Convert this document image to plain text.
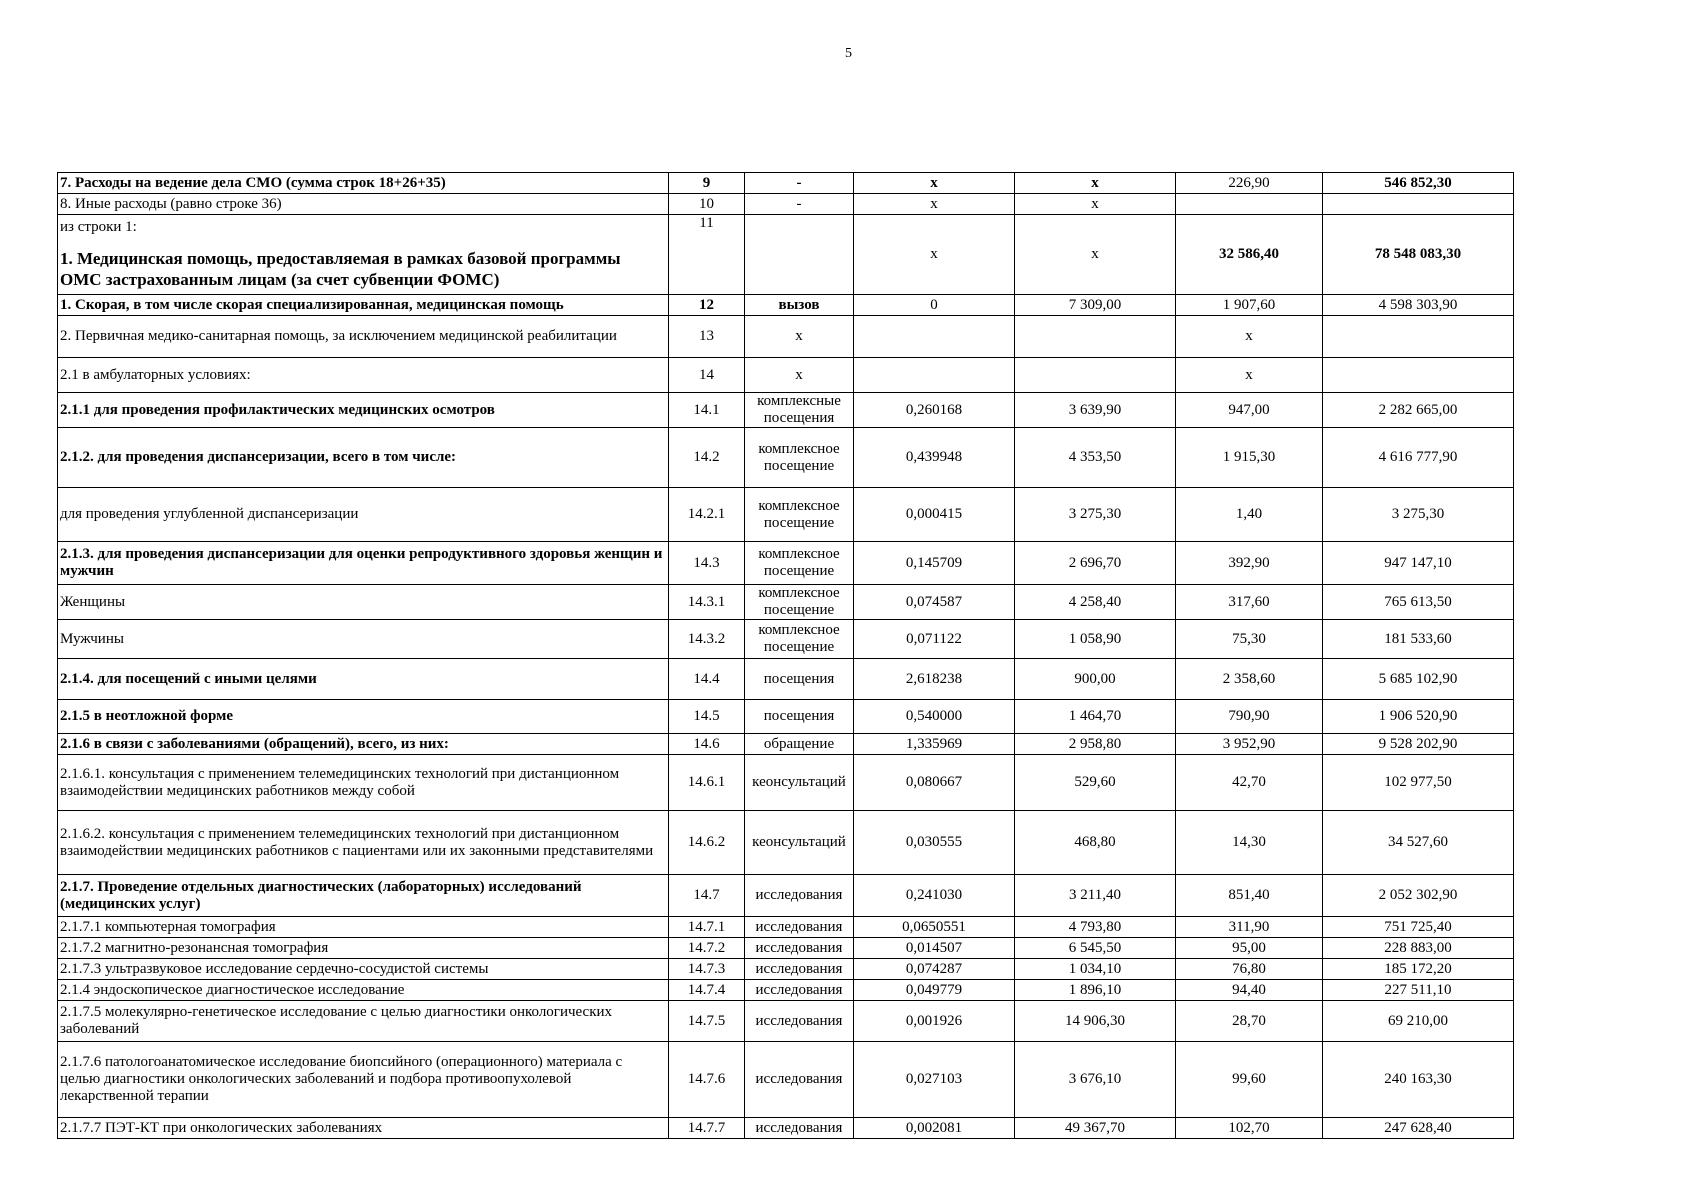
5
7. Расходы на ведение дела СМО (сумма строк 18+26+35)	9	-	x	x	226,90	546 852,30
8. Иные расходы (равно строке 36)	10	-	x	x		

из строки 1:
1. Медицинская помощь, предоставляемая в рамках базовой программы ОМС застрахованным лицам (за счет субвенции ФОМС)	11		x	x	32 586,40	78 548 083,30
1. Скорая, в том числе скорая специализированная, медицинская помощь	12	вызов	0	7 309,00	1 907,60	4 598 303,90
2. Первичная медико-санитарная помощь, за исключением медицинской реабилитации	13	x			x	
2.1 в амбулаторных условиях:	14	x			x	
2.1.1 для проведения профилактических медицинских осмотров	14.1	комплексные посещения	0,260168	3 639,90	947,00	2 282 665,00
2.1.2. для проведения диспансеризации, всего в том числе:	14.2	комплексное посещение	0,439948	4 353,50	1 915,30	4 616 777,90
для проведения углубленной диспансеризации	14.2.1	комплексное посещение	0,000415	3 275,30	1,40	3 275,30
2.1.3. для проведения диспансеризации для оценки репродуктивного здоровья женщин и мужчин	14.3	комплексное посещение	0,145709	2 696,70	392,90	947 147,10
Женщины	14.3.1	комплексное посещение	0,074587	4 258,40	317,60	765 613,50
Мужчины	14.3.2	комплексное посещение	0,071122	1 058,90	75,30	181 533,60
2.1.4. для посещений с иными целями	14.4	посещения	2,618238	900,00	2 358,60	5 685 102,90
2.1.5 в неотложной форме	14.5	посещения	0,540000	1 464,70	790,90	1 906 520,90
2.1.6 в связи с заболеваниями (обращений), всего, из них:	14.6	обращение	1,335969	2 958,80	3 952,90	9 528 202,90
2.1.6.1. консультация с применением телемедицинских технологий при дистанционном взаимодействии медицинских работников между собой	14.6.1	кеонсультаций	0,080667	529,60	42,70	102 977,50
2.1.6.2. консультация с применением телемедицинских технологий при дистанционном взаимодействии медицинских работников с пациентами или их законными представителями	14.6.2	кеонсультаций	0,030555	468,80	14,30	34 527,60
2.1.7. Проведение отдельных диагностических (лабораторных) исследований (медицинских услуг)	14.7	исследования	0,241030	3 211,40	851,40	2 052 302,90
2.1.7.1 компьютерная томография	14.7.1	исследования	0,0650551	4 793,80	311,90	751 725,40
2.1.7.2 магнитно-резонансная томография	14.7.2	исследования	0,014507	6 545,50	95,00	228 883,00
2.1.7.3 ультразвуковое исследование сердечно-сосудистой системы	14.7.3	исследования	0,074287	1 034,10	76,80	185 172,20
2.1.4 эндоскопическое диагностическое исследование	14.7.4	исследования	0,049779	1 896,10	94,40	227 511,10
2.1.7.5 молекулярно-генетическое исследование с целью диагностики онкологических заболеваний	14.7.5	исследования	0,001926	14 906,30	28,70	69 210,00
2.1.7.6 патологоанатомическое исследование биопсийного (операционного) материала с целью диагностики онкологических заболеваний и подбора противоопухолевой лекарственной терапии	14.7.6	исследования	0,027103	3 676,10	99,60	240 163,30
2.1.7.7 ПЭТ-КТ при онкологических заболеваниях	14.7.7	исследования	0,002081	49 367,70	102,70	247 628,40
